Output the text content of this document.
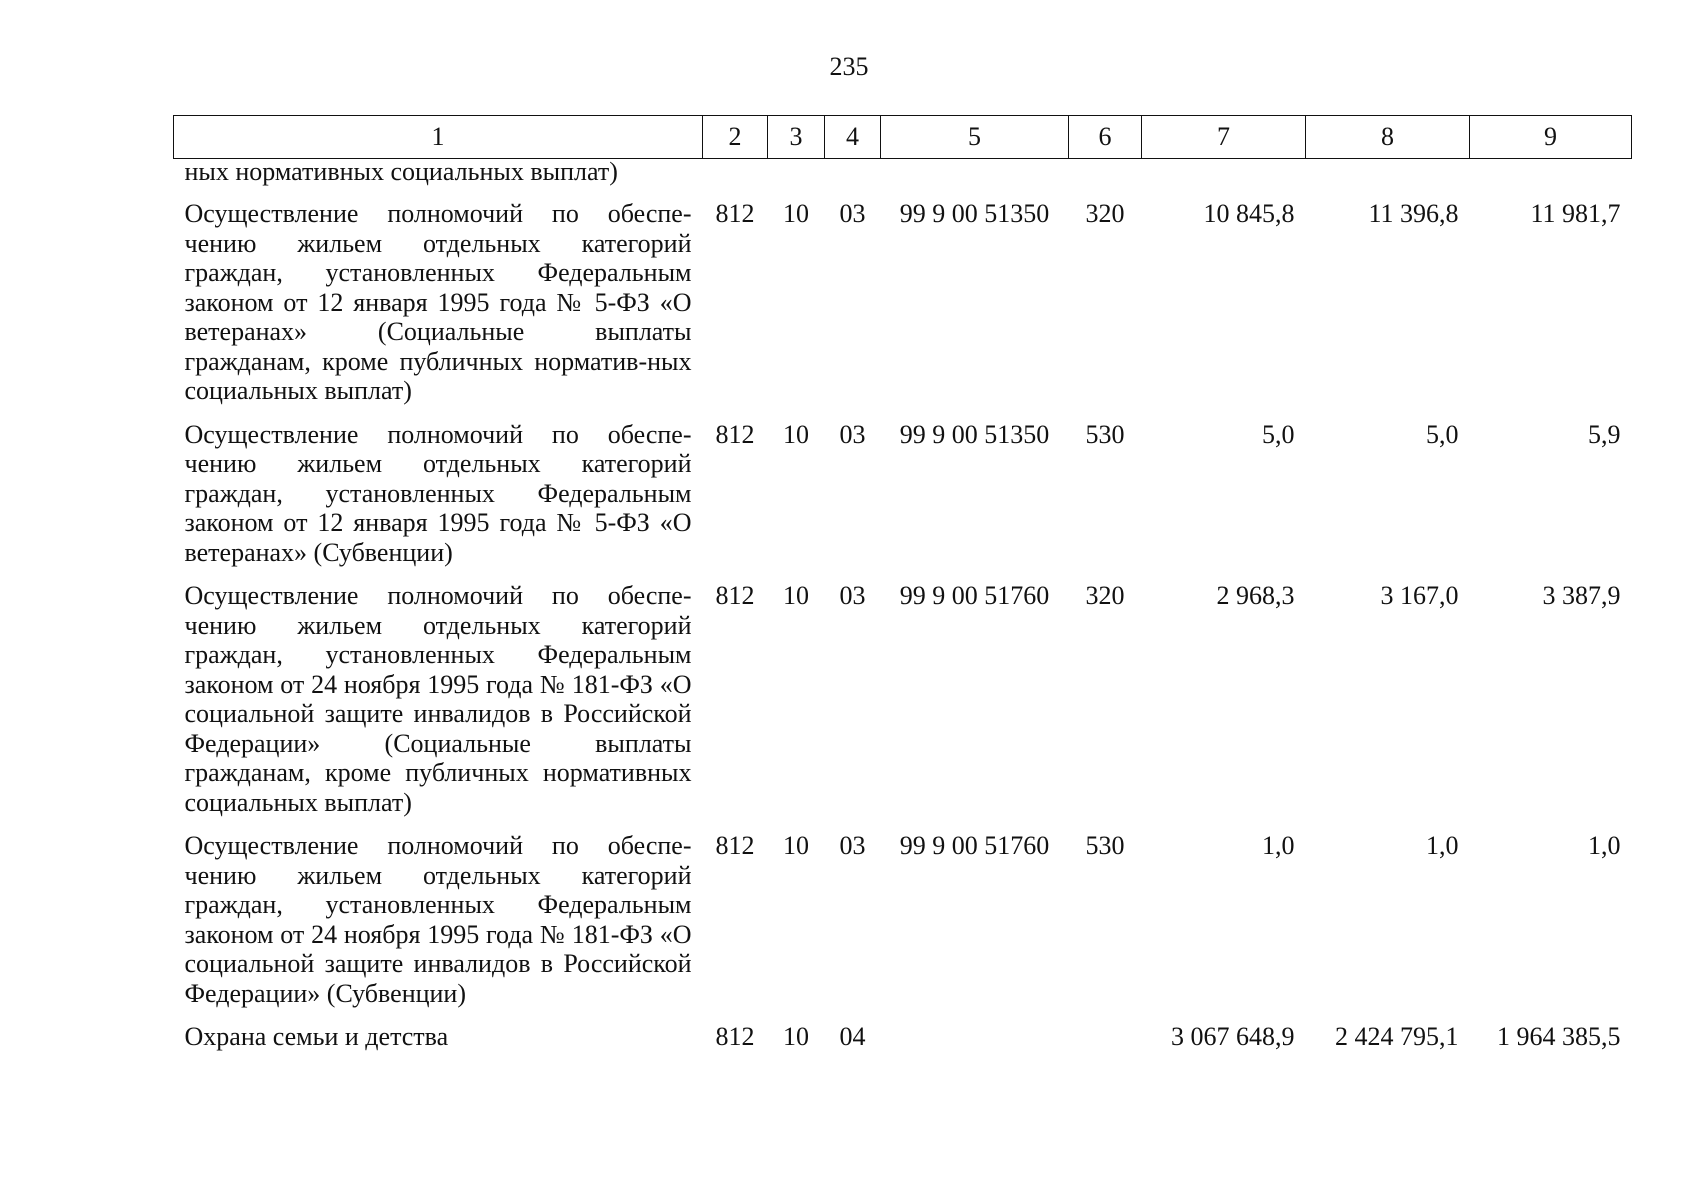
235
1	2	3	4	5	6	7	8	9
ных нормативных социальных выплат)								
Осуществление полномочий по обеспе-чению жильем отдельных категорий граждан, установленных Федеральным законом от 12 января 1995 года № 5-ФЗ «О ветеранах» (Социальные выплаты гражданам, кроме публичных норматив-ных социальных выплат)	812	10	03	99 9 00 51350	320	10 845,8	11 396,8	11 981,7
Осуществление полномочий по обеспе-чению жильем отдельных категорий граждан, установленных Федеральным законом от 12 января 1995 года № 5-ФЗ «О ветеранах» (Субвенции)	812	10	03	99 9 00 51350	530	5,0	5,0	5,9
Осуществление полномочий по обеспе-чению жильем отдельных категорий граждан, установленных Федеральным законом от 24 ноября 1995 года № 181-ФЗ «О социальной защите инвалидов в Российской Федерации» (Социальные выплаты гражданам, кроме публичных нормативных социальных выплат)	812	10	03	99 9 00 51760	320	2 968,3	3 167,0	3 387,9
Осуществление полномочий по обеспе-чению жильем отдельных категорий граждан, установленных Федеральным законом от 24 ноября 1995 года № 181-ФЗ «О социальной защите инвалидов в Российской Федерации» (Субвенции)	812	10	03	99 9 00 51760	530	1,0	1,0	1,0
Охрана семьи и детства	812	10	04			3 067 648,9	2 424 795,1	1 964 385,5
